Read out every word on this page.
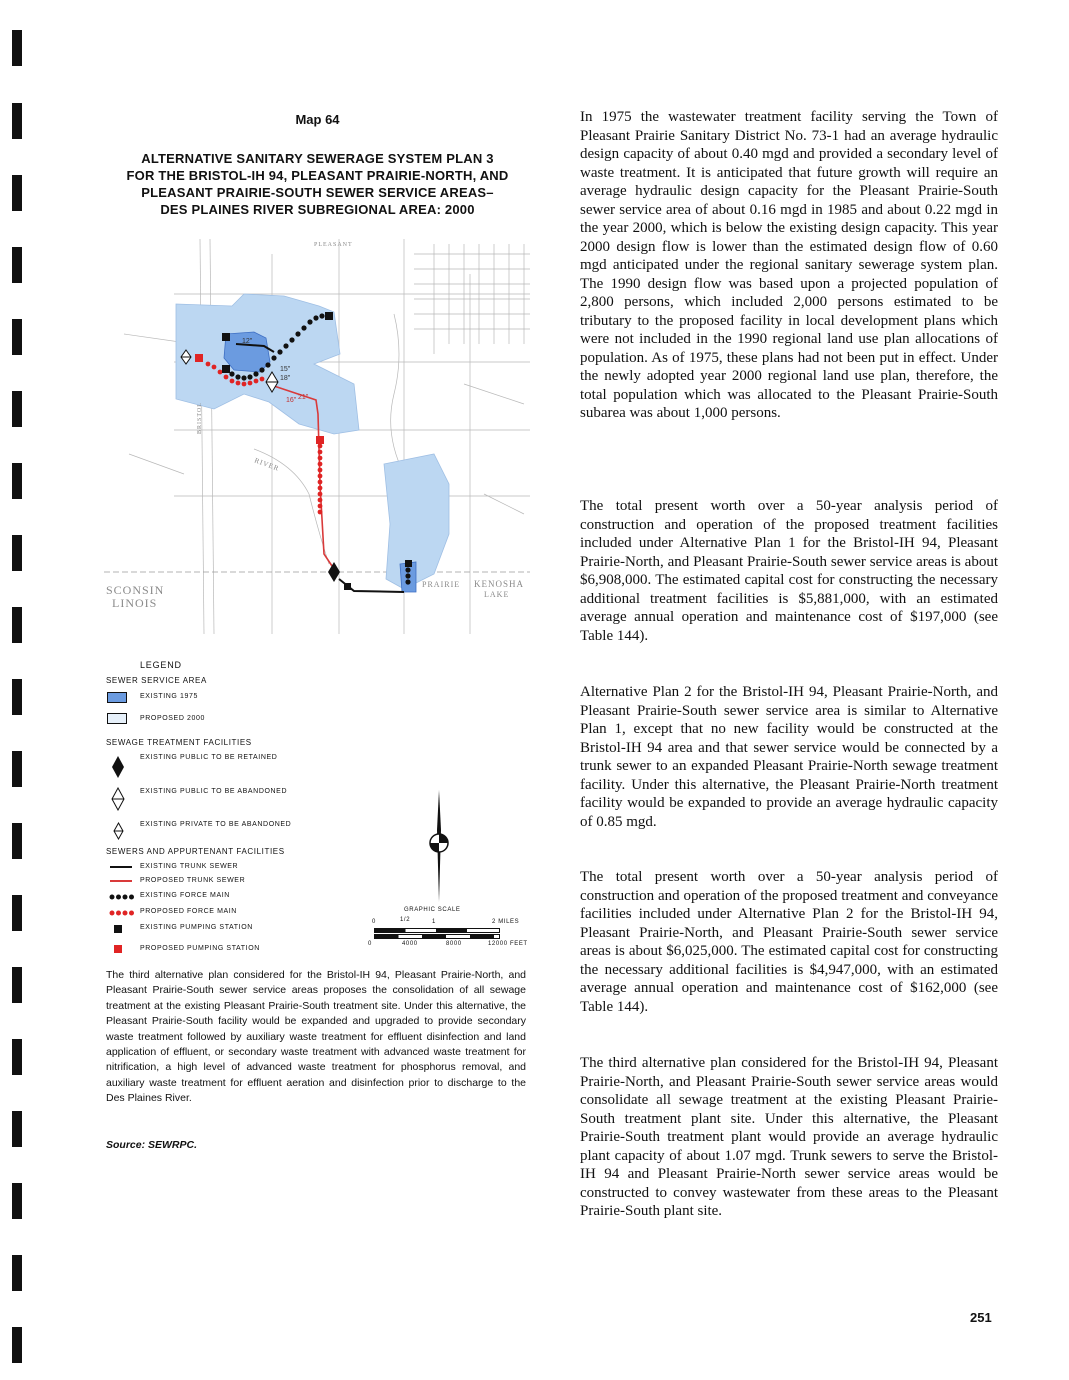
Map 64
ALTERNATIVE SANITARY SEWERAGE SYSTEM PLAN 3
FOR THE BRISTOL-IH 94, PLEASANT PRAIRIE-NORTH, AND
PLEASANT PRAIRIE-SOUTH SEWER SERVICE AREAS–
DES PLAINES RIVER SUBREGIONAL AREA: 2000
SCONSIN
LINOIS
PRAIRIE KENOSHA
LAKE
RIVER
PLEASANT
BRISTOL
12"
15"
18"
16" 21"
LEGEND
SEWER SERVICE AREA
EXISTING 1975
PROPOSED 2000
SEWAGE TREATMENT FACILITIES
EXISTING PUBLIC TO BE RETAINED
EXISTING PUBLIC TO BE ABANDONED
EXISTING PRIVATE TO BE ABANDONED
SEWERS AND APPURTENANT FACILITIES
EXISTING TRUNK SEWER
PROPOSED TRUNK SEWER
EXISTING FORCE MAIN
PROPOSED FORCE MAIN
EXISTING PUMPING STATION
PROPOSED PUMPING STATION
GRAPHIC SCALE
0	1/2	1	2 MILES
0	4000	8000	12000 FEET
The third alternative plan considered for the Bristol-IH 94, Pleasant Prairie-North, and Pleasant Prairie-South sewer service areas proposes the consolidation of all sewage treatment at the existing Pleasant Prairie-South treatment site. Under this alternative, the Pleasant Prairie-South facility would be expanded and upgraded to provide secondary waste treatment followed by auxiliary waste treatment for effluent disinfection and land application of effluent, or secondary waste treatment with advanced waste treatment for nitrification, a high level of advanced waste treatment for phosphorus removal, and auxiliary waste treatment for effluent aeration and disinfection prior to discharge to the Des Plaines River.
Source: SEWRPC.
In 1975 the wastewater treatment facility serving the Town of Pleasant Prairie Sanitary District No. 73-1 had an average hydraulic design capacity of about 0.40 mgd and provided a secondary level of waste treatment. It is anticipated that future growth will require an average hydraulic design capacity for the Pleasant Prairie-South sewer service area of about 0.16 mgd in 1985 and about 0.22 mgd in the year 2000, which is below the existing design capacity. This year 2000 design flow is lower than the estimated design flow of 0.60 mgd anticipated under the regional sanitary sewerage system plan. The 1990 design flow was based upon a projected population of 2,800 persons, which included 2,000 persons estimated to be tributary to the proposed facility in local development plans which were not included in the 1990 regional land use plan allocations of population. As of 1975, these plans had not been put in effect. Under the newly adopted year 2000 regional land use plan, therefore, the total population which was allocated to the Pleasant Prairie-South subarea was about 1,000 persons.
The total present worth over a 50-year analysis period of construction and operation of the proposed treatment facilities included under Alternative Plan 1 for the Bristol-IH 94, Pleasant Prairie-North, and Pleasant Prairie-South sewer service areas is about $6,908,000. The estimated capital cost for constructing the necessary additional treatment facilities is $5,881,000, with an estimated average annual operation and maintenance cost of $197,000 (see Table 144).
Alternative Plan 2 for the Bristol-IH 94, Pleasant Prairie-North, and Pleasant Prairie-South sewer service area is similar to Alternative Plan 1, except that no new facility would be constructed at the Bristol-IH 94 area and that sewer service would be connected by a trunk sewer to an expanded Pleasant Prairie-North sewage treatment facility. Under this alternative, the Pleasant Prairie-North treatment facility would be expanded to provide an average hydraulic capacity of 0.85 mgd.
The total present worth over a 50-year analysis period of construction and operation of the proposed treatment and conveyance facilities included under Alternative Plan 2 for the Bristol-IH 94, Pleasant Prairie-North, and Pleasant Prairie-South sewer service areas is about $6,025,000. The estimated capital cost for constructing the necessary additional facilities is $4,947,000, with an estimated average annual operation and maintenance cost of $162,000 (see Table 144).
The third alternative plan considered for the Bristol-IH 94, Pleasant Prairie-North, and Pleasant Prairie-South sewer service areas would consolidate all sewage treatment at the existing Pleasant Prairie-South treatment plant site. Under this alternative, the Pleasant Prairie-South treatment plant would provide an average hydraulic plant capacity of about 1.07 mgd. Trunk sewers to serve the Bristol-IH 94 and Pleasant Prairie-North sewer service areas would be constructed to convey wastewater from these areas to the Pleasant Prairie-South plant site.
251
